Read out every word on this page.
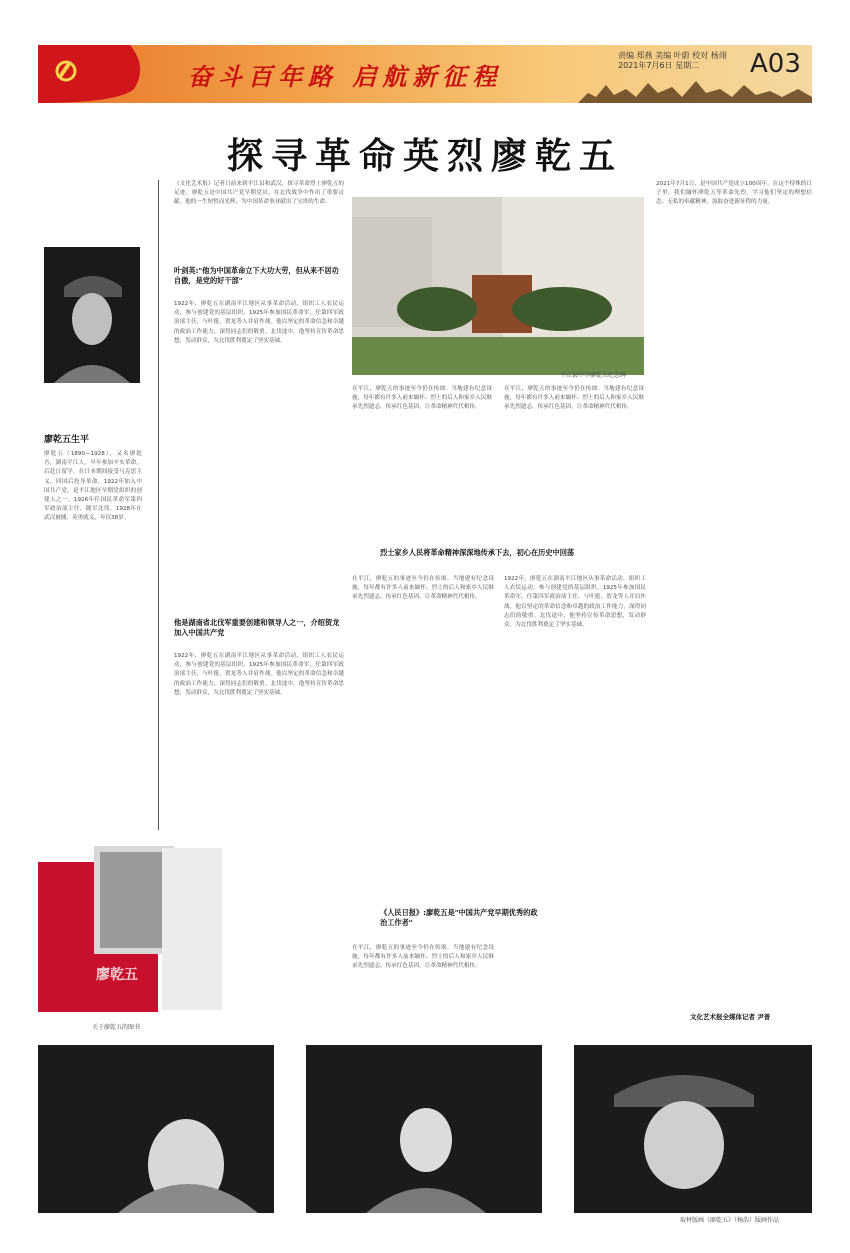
奋斗百年路 启航新征程
责编 郑燕 美编 叶蔚 校对 杨翊
2021年7月6日 星期二	A03
探寻革命英烈廖乾五
廖乾五生平
廖乾五（1890—1928），又名廖乾吾，湖南平江人。早年参加辛亥革命，后赴日留学。在日本期间接受马克思主义。回国后投身革命，1922年加入中国共产党，是平江地区早期党组织的创建人之一。1926年任国民革命军第四军政治部主任，随军北伐。1928年在武汉被捕，英勇就义，年仅38岁。
《文化艺术报》记者日前来到平江县和武汉，探寻革命烈士廖乾五的足迹。廖乾五是中国共产党早期党员，在北伐战争中作出了重要贡献。他的一生短暂而光辉，为中国革命事业献出了宝贵的生命。
叶剑英:"他为中国革命立下大功大劳，但从来不居功自傲，是党的好干部"
1922年，廖乾五在湖南平江地区从事革命活动，组织工人农民运动，参与创建党的基层组织。1925年参加国民革命军，任第四军政治部主任，与叶挺、贺龙等人并肩作战。他以坚定的革命信念和卓越的政治工作能力，深得同志们的敬重。北伐途中，他坚持宣传革命思想，发动群众，为北伐胜利奠定了坚实基础。
他是湖南省北伐军重要创建和领导人之一，介绍贺龙加入中国共产党
1922年，廖乾五在湖南平江地区从事革命活动，组织工人农民运动，参与创建党的基层组织。1925年参加国民革命军，任第四军政治部主任，与叶挺、贺龙等人并肩作战。他以坚定的革命信念和卓越的政治工作能力，深得同志们的敬重。北伐途中，他坚持宣传革命思想，发动群众，为北伐胜利奠定了坚实基础。
平江县中学廖乾五纪念碑
在平江，廖乾五的事迹至今仍在传颂。当地建有纪念设施，每年都有许多人前来缅怀。烈士的后人和家乡人民继承先烈遗志，传承红色基因，让革命精神代代相传。
在平江，廖乾五的事迹至今仍在传颂。当地建有纪念设施，每年都有许多人前来缅怀。烈士的后人和家乡人民继承先烈遗志，传承红色基因，让革命精神代代相传。
烈士家乡人民将革命精神深深地传承下去，初心在历史中回荡
在平江，廖乾五的事迹至今仍在传颂。当地建有纪念设施，每年都有许多人前来缅怀。烈士的后人和家乡人民继承先烈遗志，传承红色基因，让革命精神代代相传。
《人民日报》:廖乾五是"中国共产党早期优秀的政治工作者"
在平江，廖乾五的事迹至今仍在传颂。当地建有纪念设施，每年都有许多人前来缅怀。烈士的后人和家乡人民继承先烈遗志，传承红色基因，让革命精神代代相传。
1922年，廖乾五在湖南平江地区从事革命活动，组织工人农民运动，参与创建党的基层组织。1925年参加国民革命军，任第四军政治部主任，与叶挺、贺龙等人并肩作战。他以坚定的革命信念和卓越的政治工作能力，深得同志们的敬重。北伐途中，他坚持宣传革命思想，发动群众，为北伐胜利奠定了坚实基础。
2021年7月1日，是中国共产党成立100周年。在这个特殊的日子里，我们缅怀廖乾五等革命先烈，学习他们坚定的理想信念、无私的奉献精神，汲取奋进新征程的力量。
文化艺术报全媒体记者 尹普
廖乾五
关于廖乾五的图书
取材版画《廖乾五》（杨浩）版画作品
